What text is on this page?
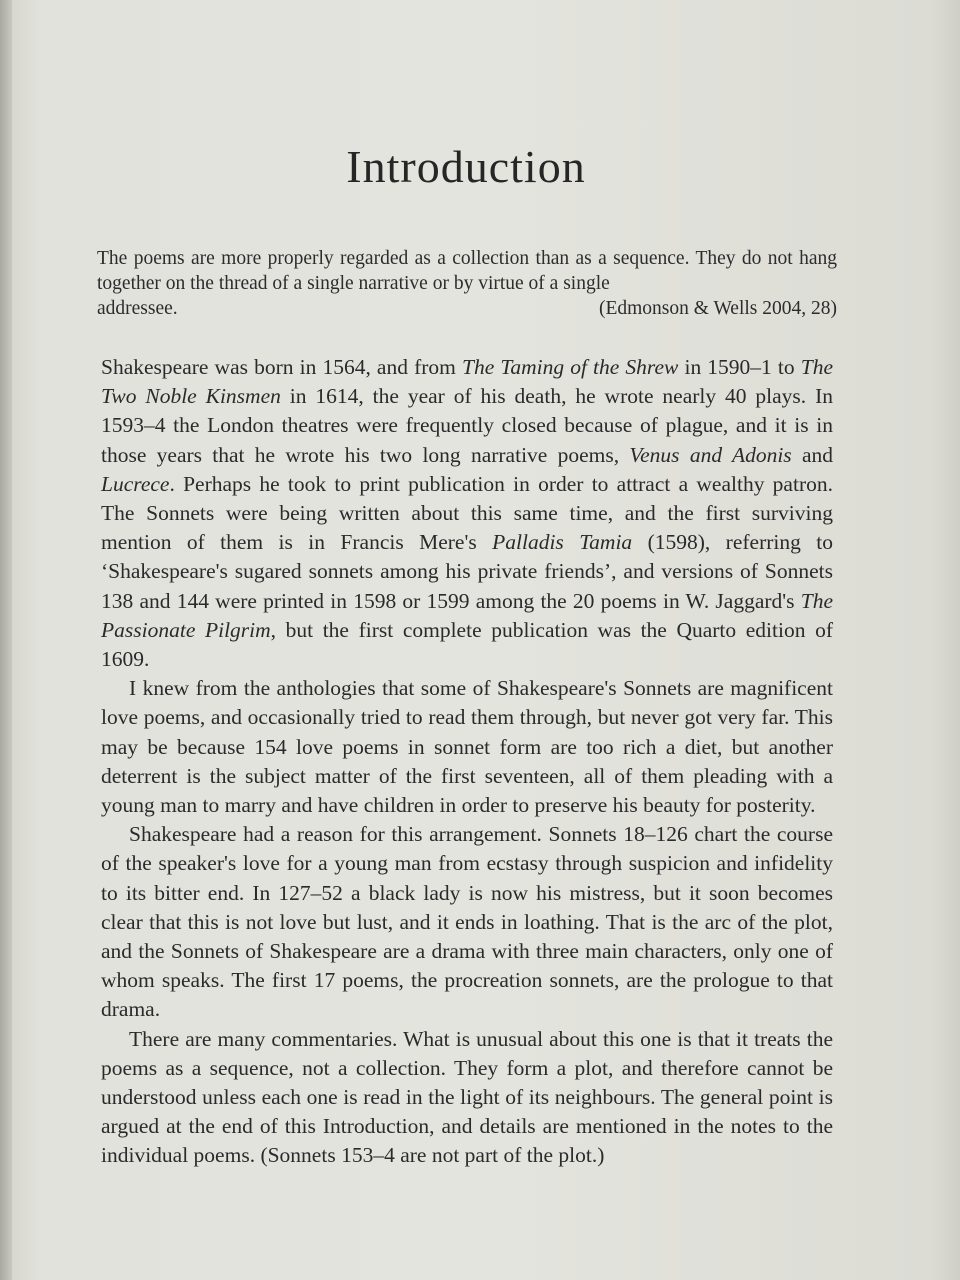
Introduction
The poems are more properly regarded as a collection than as a sequence. They do not hang together on the thread of a single narrative or by virtue of a single
addressee.	(Edmonson & Wells 2004, 28)

Shakespeare was born in 1564, and from The Taming of the Shrew in 1590–1 to The Two Noble Kinsmen in 1614, the year of his death, he wrote nearly 40 plays. In 1593–4 the London theatres were frequently closed because of plague, and it is in those years that he wrote his two long narrative poems, Venus and Adonis and Lucrece. Perhaps he took to print publication in order to attract a wealthy patron. The Sonnets were being written about this same time, and the first surviving mention of them is in Francis Mere's Palladis Tamia (1598), referring to ‘Shakespeare's sugared sonnets among his private friends’, and versions of Sonnets 138 and 144 were printed in 1598 or 1599 among the 20 poems in W. Jaggard's The Passionate Pilgrim, but the first complete publication was the Quarto edition of 1609.

I knew from the anthologies that some of Shakespeare's Sonnets are magnificent love poems, and occasionally tried to read them through, but never got very far. This may be because 154 love poems in sonnet form are too rich a diet, but another deterrent is the subject matter of the first seventeen, all of them pleading with a young man to marry and have children in order to preserve his beauty for posterity.

Shakespeare had a reason for this arrangement. Sonnets 18–126 chart the course of the speaker's love for a young man from ecstasy through suspicion and infidelity to its bitter end. In 127–52 a black lady is now his mistress, but it soon becomes clear that this is not love but lust, and it ends in loathing. That is the arc of the plot, and the Sonnets of Shakespeare are a drama with three main characters, only one of whom speaks. The first 17 poems, the procreation sonnets, are the prologue to that drama.

There are many commentaries. What is unusual about this one is that it treats the poems as a sequence, not a collection. They form a plot, and therefore cannot be understood unless each one is read in the light of its neighbours. The general point is argued at the end of this Introduction, and details are mentioned in the notes to the individual poems. (Sonnets 153–4 are not part of the plot.)
